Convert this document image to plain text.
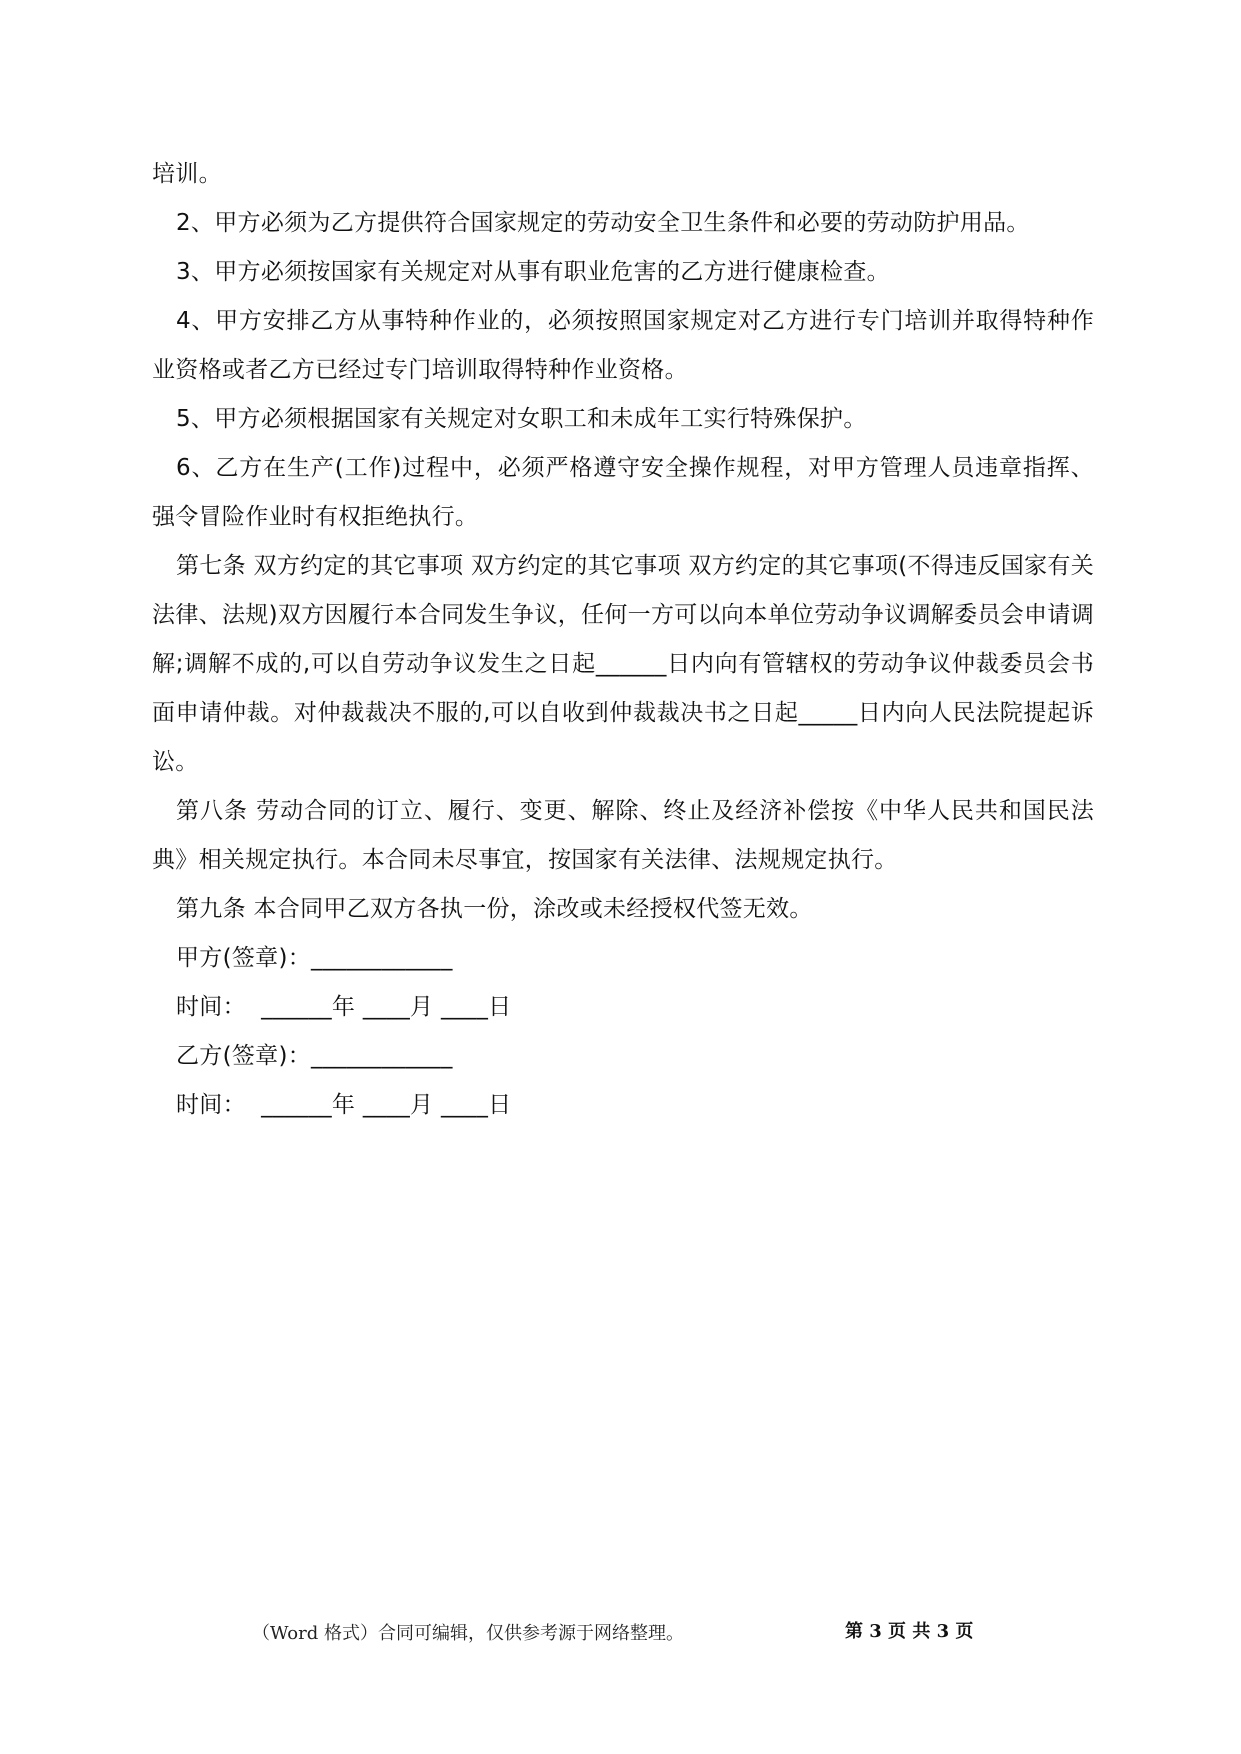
培训。

2、甲方必须为乙方提供符合国家规定的劳动安全卫生条件和必要的劳动防护用品。

3、甲方必须按国家有关规定对从事有职业危害的乙方进行健康检查。

4、甲方安排乙方从事特种作业的，必须按照国家规定对乙方进行专门培训并取得特种作业资格或者乙方已经过专门培训取得特种作业资格。

5、甲方必须根据国家有关规定对女职工和未成年工实行特殊保护。

6、乙方在生产(工作)过程中，必须严格遵守安全操作规程，对甲方管理人员违章指挥、强令冒险作业时有权拒绝执行。

第七条 双方约定的其它事项 双方约定的其它事项 双方约定的其它事项(不得违反国家有关法律、法规)双方因履行本合同发生争议，任何一方可以向本单位劳动争议调解委员会申请调解;调解不成的,可以自劳动争议发生之日起______日内向有管辖权的劳动争议仲裁委员会书面申请仲裁。对仲裁裁决不服的,可以自收到仲裁裁决书之日起_____日内向人民法院提起诉讼。

第八条 劳动合同的订立、履行、变更、解除、终止及经济补偿按《中华人民共和国民法典》相关规定执行。本合同未尽事宜，按国家有关法律、法规规定执行。

第九条 本合同甲乙双方各执一份，涂改或未经授权代签无效。

甲方(签章)：____________

时间：  ______年 ____月 ____日

乙方(签章)：____________

时间：  ______年 ____月 ____日

（Word 格式）合同可编辑，仅供参考源于网络整理。	第 3 页 共 3 页
